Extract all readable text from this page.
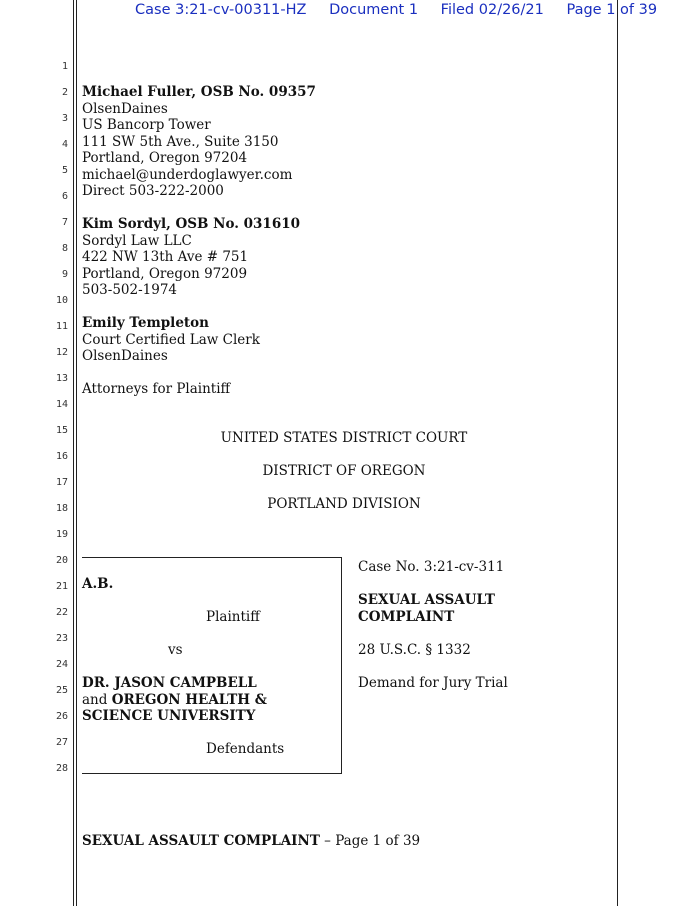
Case 3:21-cv-00311-HZ Document 1 Filed 02/26/21 Page 1 of 39
1
2
3
4
5
6
7
8
9
10
11
12
13
14
15
16
17
18
19
20
21
22
23
24
25
26
27
28
Michael Fuller, OSB No. 09357
OlsenDaines
US Bancorp Tower
111 SW 5th Ave., Suite 3150
Portland, Oregon 97204
michael@underdoglawyer.com
Direct 503-222-2000
Kim Sordyl, OSB No. 031610
Sordyl Law LLC
422 NW 13th Ave # 751
Portland, Oregon 97209
503-502-1974
Emily Templeton
Court Certified Law Clerk
OlsenDaines
Attorneys for Plaintiff
UNITED STATES DISTRICT COURT
DISTRICT OF OREGON
PORTLAND DIVISION
A.B.
Plaintiff
vs
DR. JASON CAMPBELL
and OREGON HEALTH &
SCIENCE UNIVERSITY
Defendants
Case No. 3:21-cv-311
SEXUAL ASSAULT
COMPLAINT
28 U.S.C. § 1332
Demand for Jury Trial
SEXUAL ASSAULT COMPLAINT – Page 1 of 39
